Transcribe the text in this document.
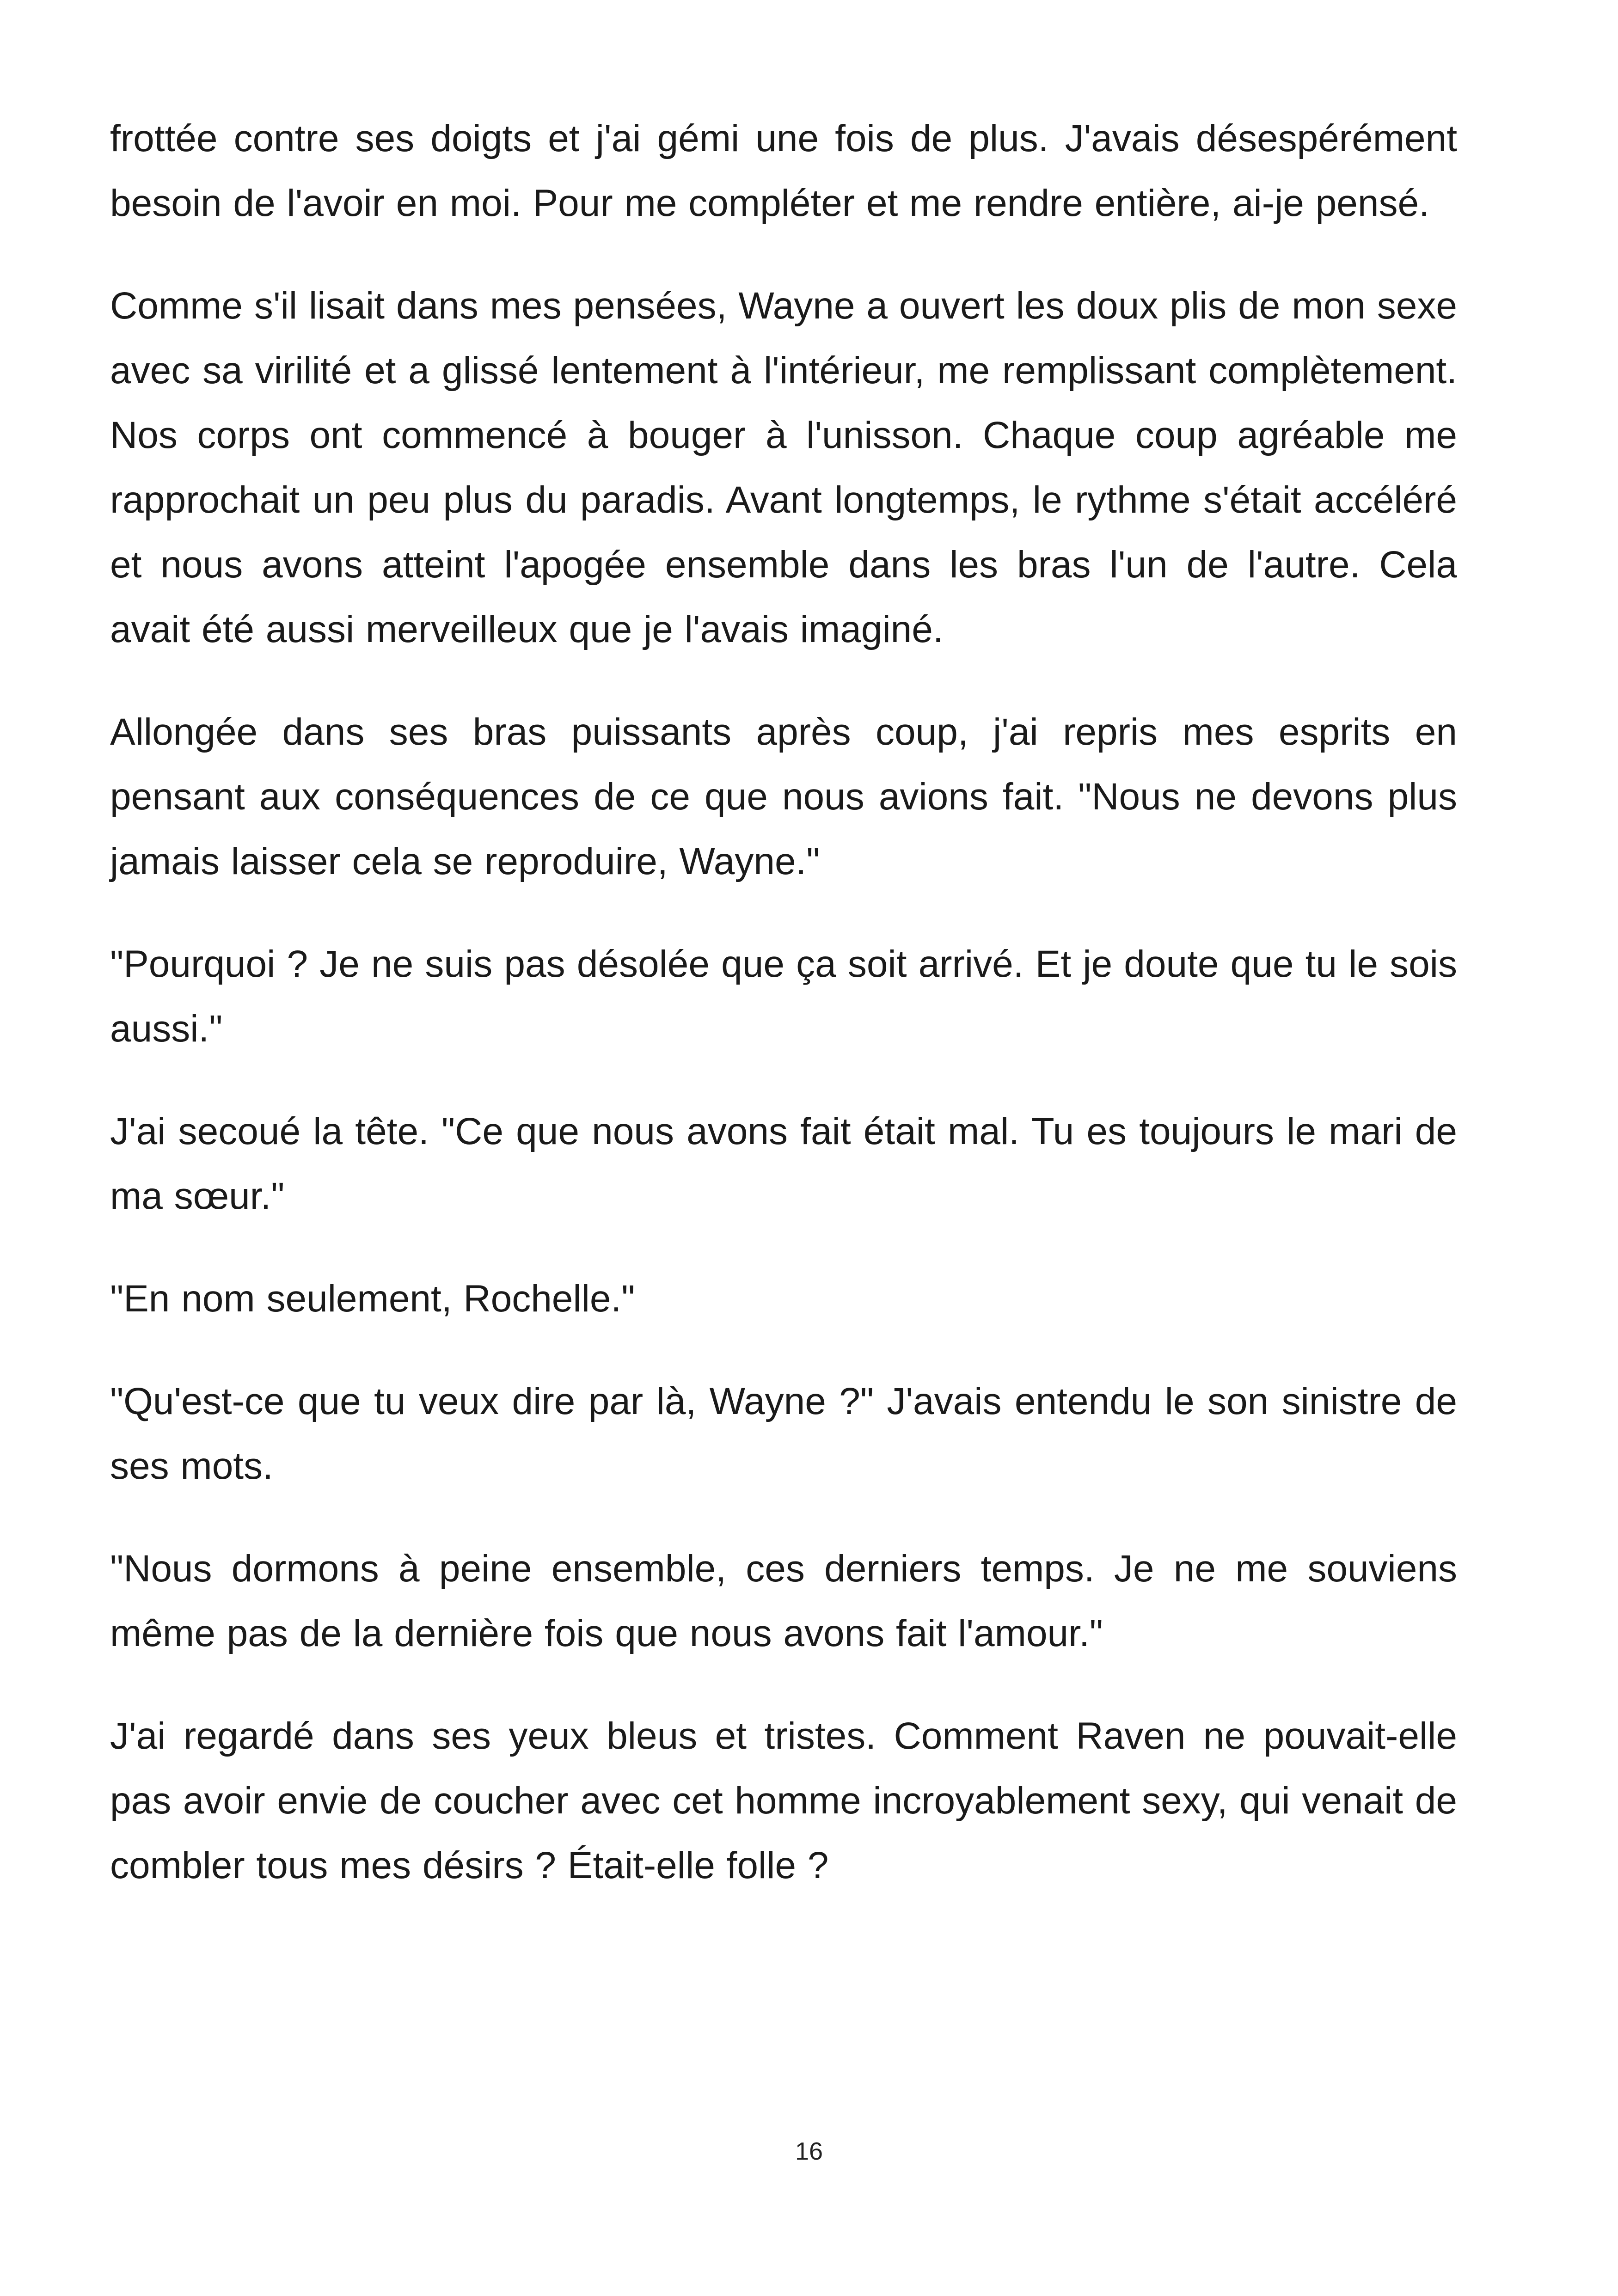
frottée contre ses doigts et j'ai gémi une fois de plus. J'avais désespérément besoin de l'avoir en moi. Pour me compléter et me rendre entière, ai-je pensé.

Comme s'il lisait dans mes pensées, Wayne a ouvert les doux plis de mon sexe avec sa virilité et a glissé lentement à l'intérieur, me remplissant complètement. Nos corps ont commencé à bouger à l'unisson. Chaque coup agréable me rapprochait un peu plus du paradis. Avant longtemps, le rythme s'était accéléré et nous avons atteint l'apogée ensemble dans les bras l'un de l'autre. Cela avait été aussi merveilleux que je l'avais imaginé.

Allongée dans ses bras puissants après coup, j'ai repris mes esprits en pensant aux conséquences de ce que nous avions fait. "Nous ne devons plus jamais laisser cela se reproduire, Wayne."

"Pourquoi ? Je ne suis pas désolée que ça soit arrivé. Et je doute que tu le sois aussi."

J'ai secoué la tête. "Ce que nous avons fait était mal. Tu es toujours le mari de ma sœur."

"En nom seulement, Rochelle."

"Qu'est-ce que tu veux dire par là, Wayne ?" J'avais entendu le son sinistre de ses mots.

"Nous dormons à peine ensemble, ces derniers temps. Je ne me souviens même pas de la dernière fois que nous avons fait l'amour."

J'ai regardé dans ses yeux bleus et tristes. Comment Raven ne pouvait-elle pas avoir envie de coucher avec cet homme incroyablement sexy, qui venait de combler tous mes désirs ? Était-elle folle ?

16
